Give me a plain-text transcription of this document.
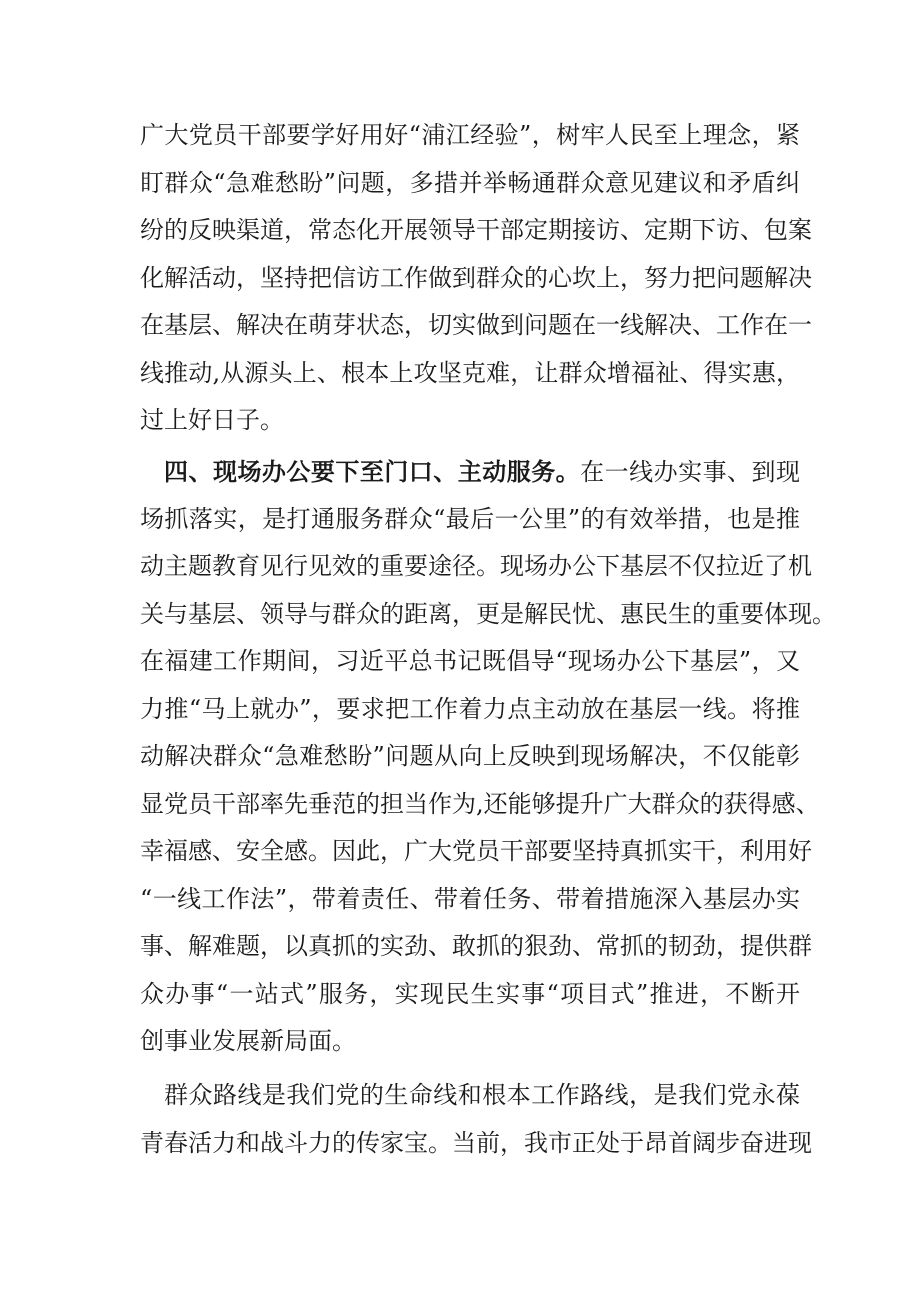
广大党员干部要学好用好“浦江经验”，树牢人民至上理念，紧
盯群众“急难愁盼”问题，多措并举畅通群众意见建议和矛盾纠
纷的反映渠道，常态化开展领导干部定期接访、定期下访、包案
化解活动，坚持把信访工作做到群众的心坎上，努力把问题解决
在基层、解决在萌芽状态，切实做到问题在一线解决、工作在一
线推动,从源头上、根本上攻坚克难，让群众增福祉、得实惠，
过上好日子。
四、现场办公要下至门口、主动服务。在一线办实事、到现
场抓落实，是打通服务群众“最后一公里”的有效举措，也是推
动主题教育见行见效的重要途径。现场办公下基层不仅拉近了机
关与基层、领导与群众的距离，更是解民忧、惠民生的重要体现。
在福建工作期间，习近平总书记既倡导“现场办公下基层”，又
力推“马上就办”，要求把工作着力点主动放在基层一线。将推
动解决群众“急难愁盼”问题从向上反映到现场解决，不仅能彰
显党员干部率先垂范的担当作为,还能够提升广大群众的获得感、
幸福感、安全感。因此，广大党员干部要坚持真抓实干，利用好
“一线工作法”，带着责任、带着任务、带着措施深入基层办实
事、解难题，以真抓的实劲、敢抓的狠劲、常抓的韧劲，提供群
众办事“一站式”服务，实现民生实事“项目式”推进，不断开
创事业发展新局面。
群众路线是我们党的生命线和根本工作路线，是我们党永葆
青春活力和战斗力的传家宝。当前，我市正处于昂首阔步奋进现
